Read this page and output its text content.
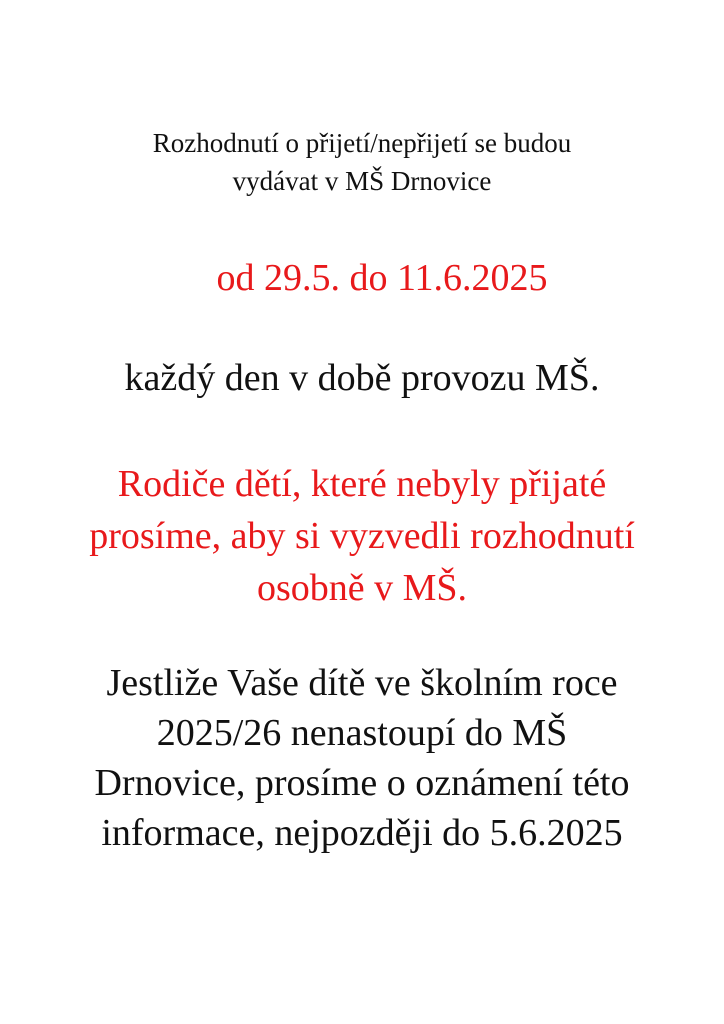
Rozhodnutí o přijetí/nepřijetí se budou
vydávat v MŠ Drnovice
od 29.5. do 11.6.2025
každý den v době provozu MŠ.
Rodiče dětí, které nebyly přijaté
prosíme, aby si vyzvedli rozhodnutí
osobně v MŠ.
Jestliže Vaše dítě ve školním roce
2025/26 nenastoupí do MŠ
Drnovice, prosíme o oznámení této
informace, nejpozději do 5.6.2025
